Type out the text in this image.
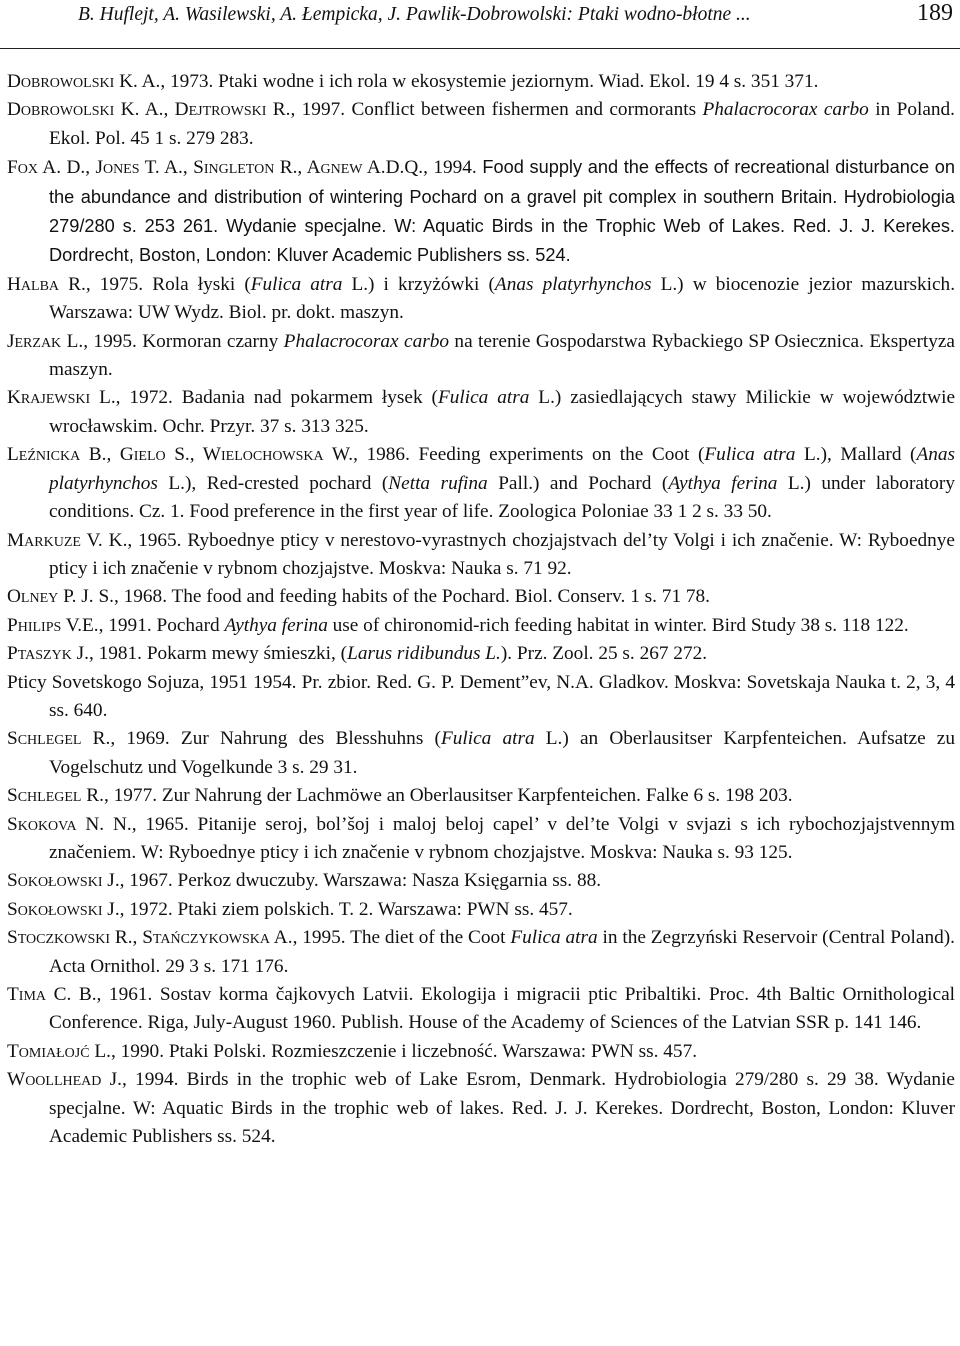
B. Huflejt, A. Wasilewski, A. Łempicka, J. Pawlik-Dobrowolski: Ptaki wodno-błotne ...	189

Dobrowolski K. A., 1973. Ptaki wodne i ich rola w ekosystemie jeziornym. Wiad. Ekol. 19 4 s. 351 371.

Dobrowolski K. A., Dejtrowski R., 1997. Conflict between fishermen and cormorants Phalacrocorax carbo in Poland. Ekol. Pol. 45 1 s. 279 283.

Fox A. D., Jones T. A., Singleton R., Agnew A.D.Q., 1994. Food supply and the effects of recreational disturbance on the abundance and distribution of wintering Pochard on a gravel pit complex in southern Britain. Hydrobiologia 279/280 s. 253 261. Wydanie specjalne. W: Aquatic Birds in the Trophic Web of Lakes. Red. J. J. Kerekes. Dordrecht, Boston, London: Kluver Academic Publishers ss. 524.

Halba R., 1975. Rola łyski (Fulica atra L.) i krzyżówki (Anas platyrhynchos L.) w biocenozie jezior mazurskich. Warszawa: UW Wydz. Biol. pr. dokt. maszyn.

Jerzak L., 1995. Kormoran czarny Phalacrocorax carbo na terenie Gospodarstwa Rybackiego SP Osiecznica. Ekspertyza maszyn.

Krajewski L., 1972. Badania nad pokarmem łysek (Fulica atra L.) zasiedlających stawy Milickie w województwie wrocławskim. Ochr. Przyr. 37 s. 313 325.

Leźnicka B., Gielo S., Wielochowska W., 1986. Feeding experiments on the Coot (Fulica atra L.), Mallard (Anas platyrhynchos L.), Red-crested pochard (Netta rufina Pall.) and Pochard (Aythya ferina L.) under laboratory conditions. Cz. 1. Food preference in the first year of life. Zoologica Poloniae 33 1 2 s. 33 50.

Markuze V. K., 1965. Ryboednye pticy v nerestovo-vyrastnych chozjajstvach del’ty Volgi i ich značenie. W: Ryboednye pticy i ich značenie v rybnom chozjajstve. Moskva: Nauka s. 71 92.

Olney P. J. S., 1968. The food and feeding habits of the Pochard. Biol. Conserv. 1 s. 71 78.

Philips V.E., 1991. Pochard Aythya ferina use of chironomid-rich feeding habitat in winter. Bird Study 38 s. 118 122.

Ptaszyk J., 1981. Pokarm mewy śmieszki, (Larus ridibundus L.). Prz. Zool. 25 s. 267 272.

Pticy Sovetskogo Sojuza, 1951 1954. Pr. zbior. Red. G. P. Dement”ev, N.A. Gladkov. Moskva: Sovetskaja Nauka t. 2, 3, 4 ss. 640.

Schlegel R., 1969. Zur Nahrung des Blesshuhns (Fulica atra L.) an Oberlausitser Karpfenteichen. Aufsatze zu Vogelschutz und Vogelkunde 3 s. 29 31.

Schlegel R., 1977. Zur Nahrung der Lachmöwe an Oberlausitser Karpfenteichen. Falke 6 s. 198 203.

Skokova N. N., 1965. Pitanije seroj, bol’šoj i maloj beloj capel’ v del’te Volgi v svjazi s ich rybochozjajstvennym značeniem. W: Ryboednye pticy i ich značenie v rybnom chozjajstve. Moskva: Nauka s. 93 125.

Sokołowski J., 1967. Perkoz dwuczuby. Warszawa: Nasza Księgarnia ss. 88.

Sokołowski J., 1972. Ptaki ziem polskich. T. 2. Warszawa: PWN ss. 457.

Stoczkowski R., Stańczykowska A., 1995. The diet of the Coot Fulica atra in the Zegrzyński Reservoir (Central Poland). Acta Ornithol. 29 3 s. 171 176.

Tima C. B., 1961. Sostav korma čajkovych Latvii. Ekologija i migracii ptic Pribaltiki. Proc. 4th Baltic Ornithological Conference. Riga, July-August 1960. Publish. House of the Academy of Sciences of the Latvian SSR p. 141 146.

Tomiałojć L., 1990. Ptaki Polski. Rozmieszczenie i liczebność. Warszawa: PWN ss. 457.

Woollhead J., 1994. Birds in the trophic web of Lake Esrom, Denmark. Hydrobiologia 279/280 s. 29 38. Wydanie specjalne. W: Aquatic Birds in the trophic web of lakes. Red. J. J. Kerekes. Dordrecht, Boston, London: Kluver Academic Publishers ss. 524.
